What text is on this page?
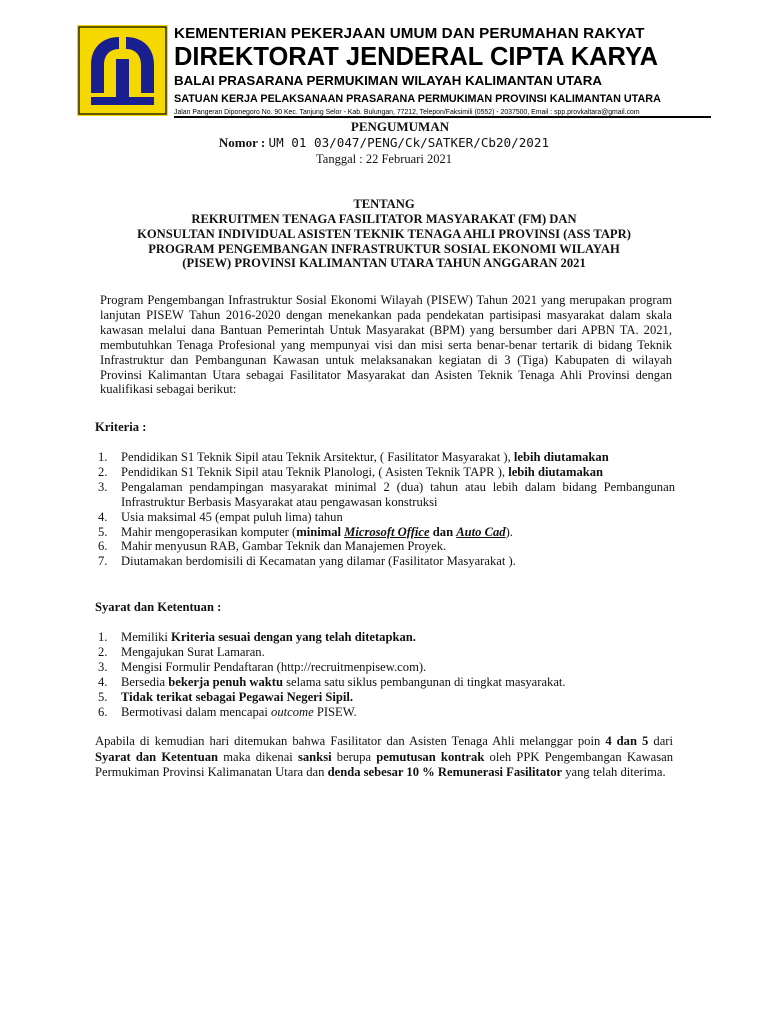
KEMENTERIAN PEKERJAAN UMUM DAN PERUMAHAN RAKYAT
DIREKTORAT JENDERAL CIPTA KARYA
BALAI PRASARANA PERMUKIMAN WILAYAH KALIMANTAN UTARA
SATUAN KERJA PELAKSANAAN PRASARANA PERMUKIMAN PROVINSI KALIMANTAN UTARA
Jalan Pangeran Diponegoro No. 90 Kec. Tanjung Selor - Kab. Bulungan, 77212, Telepon/Faksimili (0552) - 2037500, Email : spp.provkaltara@gmail.com
PENGUMUMAN
Nomor : UM 01 03/047/PENG/Ck/SATKER/Cb20/2021
Tanggal : 22 Februari 2021
TENTANG
REKRUITMEN TENAGA FASILITATOR MASYARAKAT (FM) DAN
KONSULTAN INDIVIDUAL ASISTEN TEKNIK TENAGA AHLI PROVINSI (ASS TAPR)
PROGRAM PENGEMBANGAN INFRASTRUKTUR SOSIAL EKONOMI WILAYAH
(PISEW) PROVINSI KALIMANTAN UTARA TAHUN ANGGARAN 2021
Program Pengembangan Infrastruktur Sosial Ekonomi Wilayah (PISEW) Tahun 2021 yang merupakan program lanjutan PISEW Tahun 2016-2020 dengan menekankan pada pendekatan partisipasi masyarakat dalam skala kawasan melalui dana Bantuan Pemerintah Untuk Masyarakat (BPM) yang bersumber dari APBN TA. 2021, membutuhkan Tenaga Profesional yang mempunyai visi dan misi serta benar-benar tertarik di bidang Teknik Infrastruktur dan Pembangunan Kawasan untuk melaksanakan kegiatan di 3 (Tiga) Kabupaten di wilayah Provinsi Kalimantan Utara sebagai Fasilitator Masyarakat dan Asisten Teknik Tenaga Ahli Provinsi dengan kualifikasi sebagai berikut:
Kriteria :
1. Pendidikan S1 Teknik Sipil atau Teknik Arsitektur, ( Fasilitator Masyarakat ), lebih diutamakan
2. Pendidikan S1 Teknik Sipil atau Teknik Planologi, ( Asisten Teknik TAPR ), lebih diutamakan
3. Pengalaman pendampingan masyarakat minimal 2 (dua) tahun atau lebih dalam bidang Pembangunan Infrastruktur Berbasis Masyarakat atau pengawasan konstruksi
4. Usia maksimal 45 (empat puluh lima) tahun
5. Mahir mengoperasikan komputer (minimal Microsoft Office dan Auto Cad).
6. Mahir menyusun RAB, Gambar Teknik dan Manajemen Proyek.
7. Diutamakan berdomisili di Kecamatan yang dilamar (Fasilitator Masyarakat ).
Syarat dan Ketentuan :
1. Memiliki Kriteria sesuai dengan yang telah ditetapkan.
2. Mengajukan Surat Lamaran.
3. Mengisi Formulir Pendaftaran (http://recruitmenpisew.com).
4. Bersedia bekerja penuh waktu selama satu siklus pembangunan di tingkat masyarakat.
5. Tidak terikat sebagai Pegawai Negeri Sipil.
6. Bermotivasi dalam mencapai outcome PISEW.
Apabila di kemudian hari ditemukan bahwa Fasilitator dan Asisten Tenaga Ahli melanggar poin 4 dan 5 dari Syarat dan Ketentuan maka dikenai sanksi berupa pemutusan kontrak oleh PPK Pengembangan Kawasan Permukiman Provinsi Kalimanatan Utara dan denda sebesar 10 % Remunerasi Fasilitator yang telah diterima.
